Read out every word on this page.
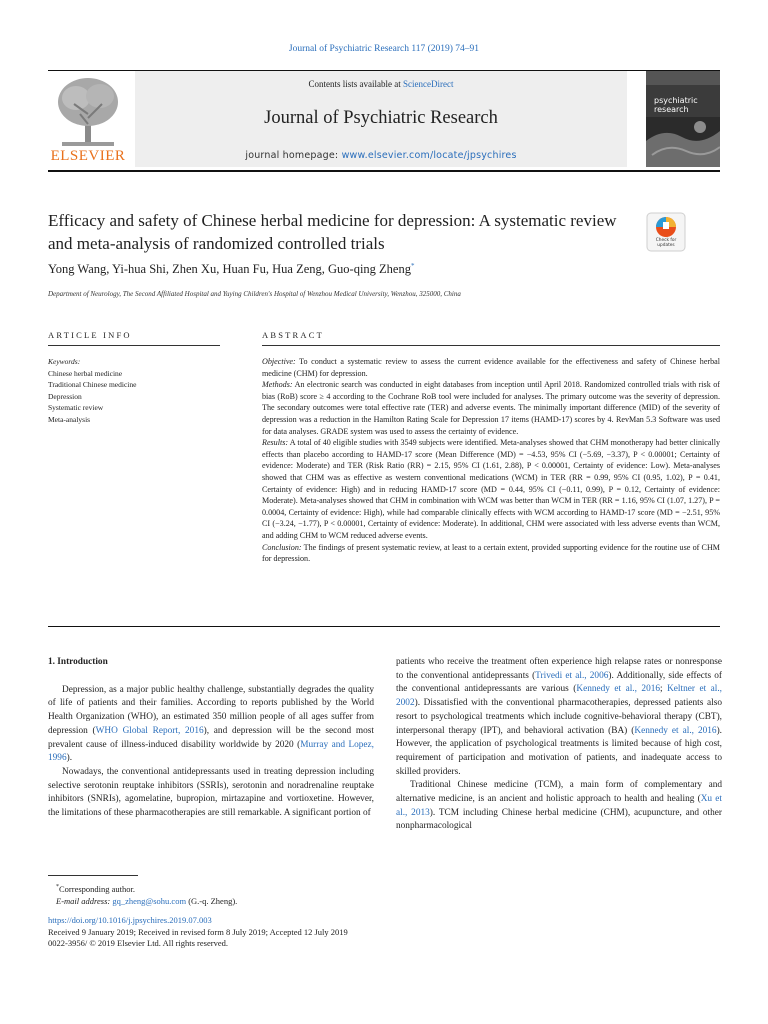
Journal of Psychiatric Research 117 (2019) 74–91
ELSEVIER
Contents lists available at ScienceDirect
Journal of Psychiatric Research
journal homepage: www.elsevier.com/locate/jpsychires
psychiatric research
Efficacy and safety of Chinese herbal medicine for depression: A systematic review and meta-analysis of randomized controlled trials	Check for updates
Yong Wang, Yi-hua Shi, Zhen Xu, Huan Fu, Hua Zeng, Guo-qing Zheng*
Department of Neurology, The Second Affiliated Hospital and Yuying Children's Hospital of Wenzhou Medical University, Wenzhou, 325000, China
ARTICLE INFO	ABSTRACT
Keywords:
Chinese herbal medicine
Traditional Chinese medicine
Depression
Systematic review
Meta-analysis

Objective: To conduct a systematic review to assess the current evidence available for the effectiveness and safety of Chinese herbal medicine (CHM) for depression.

Methods: An electronic search was conducted in eight databases from inception until April 2018. Randomized controlled trials with risk of bias (RoB) score ≥ 4 according to the Cochrane RoB tool were included for analyses. The primary outcome was the severity of depression. The secondary outcomes were total effective rate (TER) and adverse events. The minimally important difference (MID) of the severity of depression was a reduction in the Hamilton Rating Scale for Depression 17 items (HAMD-17) scores by 4. RevMan 5.3 Software was used for data analyses. GRADE system was used to assess the certainty of evidence.

Results: A total of 40 eligible studies with 3549 subjects were identified. Meta-analyses showed that CHM monotherapy had better clinically effects than placebo according to HAMD-17 score (Mean Difference (MD) = −4.53, 95% CI (−5.69, −3.37), P < 0.00001; Certainty of evidence: Moderate) and TER (Risk Ratio (RR) = 2.15, 95% CI (1.61, 2.88), P < 0.00001, Certainty of evidence: Low). Meta-analyses showed that CHM was as effective as western conventional medications (WCM) in TER (RR = 0.99, 95% CI (0.95, 1.02), P = 0.41, Certainty of evidence: High) and in reducing HAMD-17 score (MD = 0.44, 95% CI (−0.11, 0.99), P = 0.12, Certainty of evidence: Moderate). Meta-analyses showed that CHM in combination with WCM was better than WCM in TER (RR = 1.16, 95% CI (1.07, 1.27), P = 0.0004, Certainty of evidence: High), while had comparable clinically effects with WCM according to HAMD-17 score (MD = −2.51, 95% CI (−3.24, −1.77), P < 0.00001, Certainty of evidence: Moderate). In additional, CHM were associated with less adverse events than WCM, and adding CHM to WCM reduced adverse events.

Conclusion: The findings of present systematic review, at least to a certain extent, provided supporting evidence for the routine use of CHM for depression.

1. Introduction

Depression, as a major public healthy challenge, substantially degrades the quality of life of patients and their families. According to reports published by the World Health Organization (WHO), an estimated 350 million people of all ages suffer from depression (WHO Global Report, 2016), and depression will be the second most prevalent cause of illness-induced disability worldwide by 2020 (Murray and Lopez, 1996).

Nowadays, the conventional antidepressants used in treating depression including selective serotonin reuptake inhibitors (SSRIs), serotonin and noradrenaline reuptake inhibitors (SNRIs), agomelatine, bupropion, mirtazapine and vortioxetine. However, the limitations of these pharmacotherapies are still remarkable. A significant portion of

patients who receive the treatment often experience high relapse rates or nonresponse to the conventional antidepressants (Trivedi et al., 2006). Additionally, side effects of the conventional antidepressants are various (Kennedy et al., 2016; Keltner et al., 2002). Dissatisfied with the conventional pharmacotherapies, depressed patients also resort to psychological treatments which include cognitive-behavioral therapy (CBT), interpersonal therapy (IPT), and behavioral activation (BA) (Kennedy et al., 2016). However, the application of psychological treatments is limited because of high cost, requirement of participation and motivation of patients, and inadequate access to skilled providers.

Traditional Chinese medicine (TCM), a main form of complementary and alternative medicine, is an ancient and holistic approach to health and healing (Xu et al., 2013). TCM including Chinese herbal medicine (CHM), acupuncture, and other nonpharmacological

*Corresponding author.
E-mail address: gq_zheng@sohu.com (G.-q. Zheng).
https://doi.org/10.1016/j.jpsychires.2019.07.003
Received 9 January 2019; Received in revised form 8 July 2019; Accepted 12 July 2019
0022-3956/ © 2019 Elsevier Ltd. All rights reserved.
